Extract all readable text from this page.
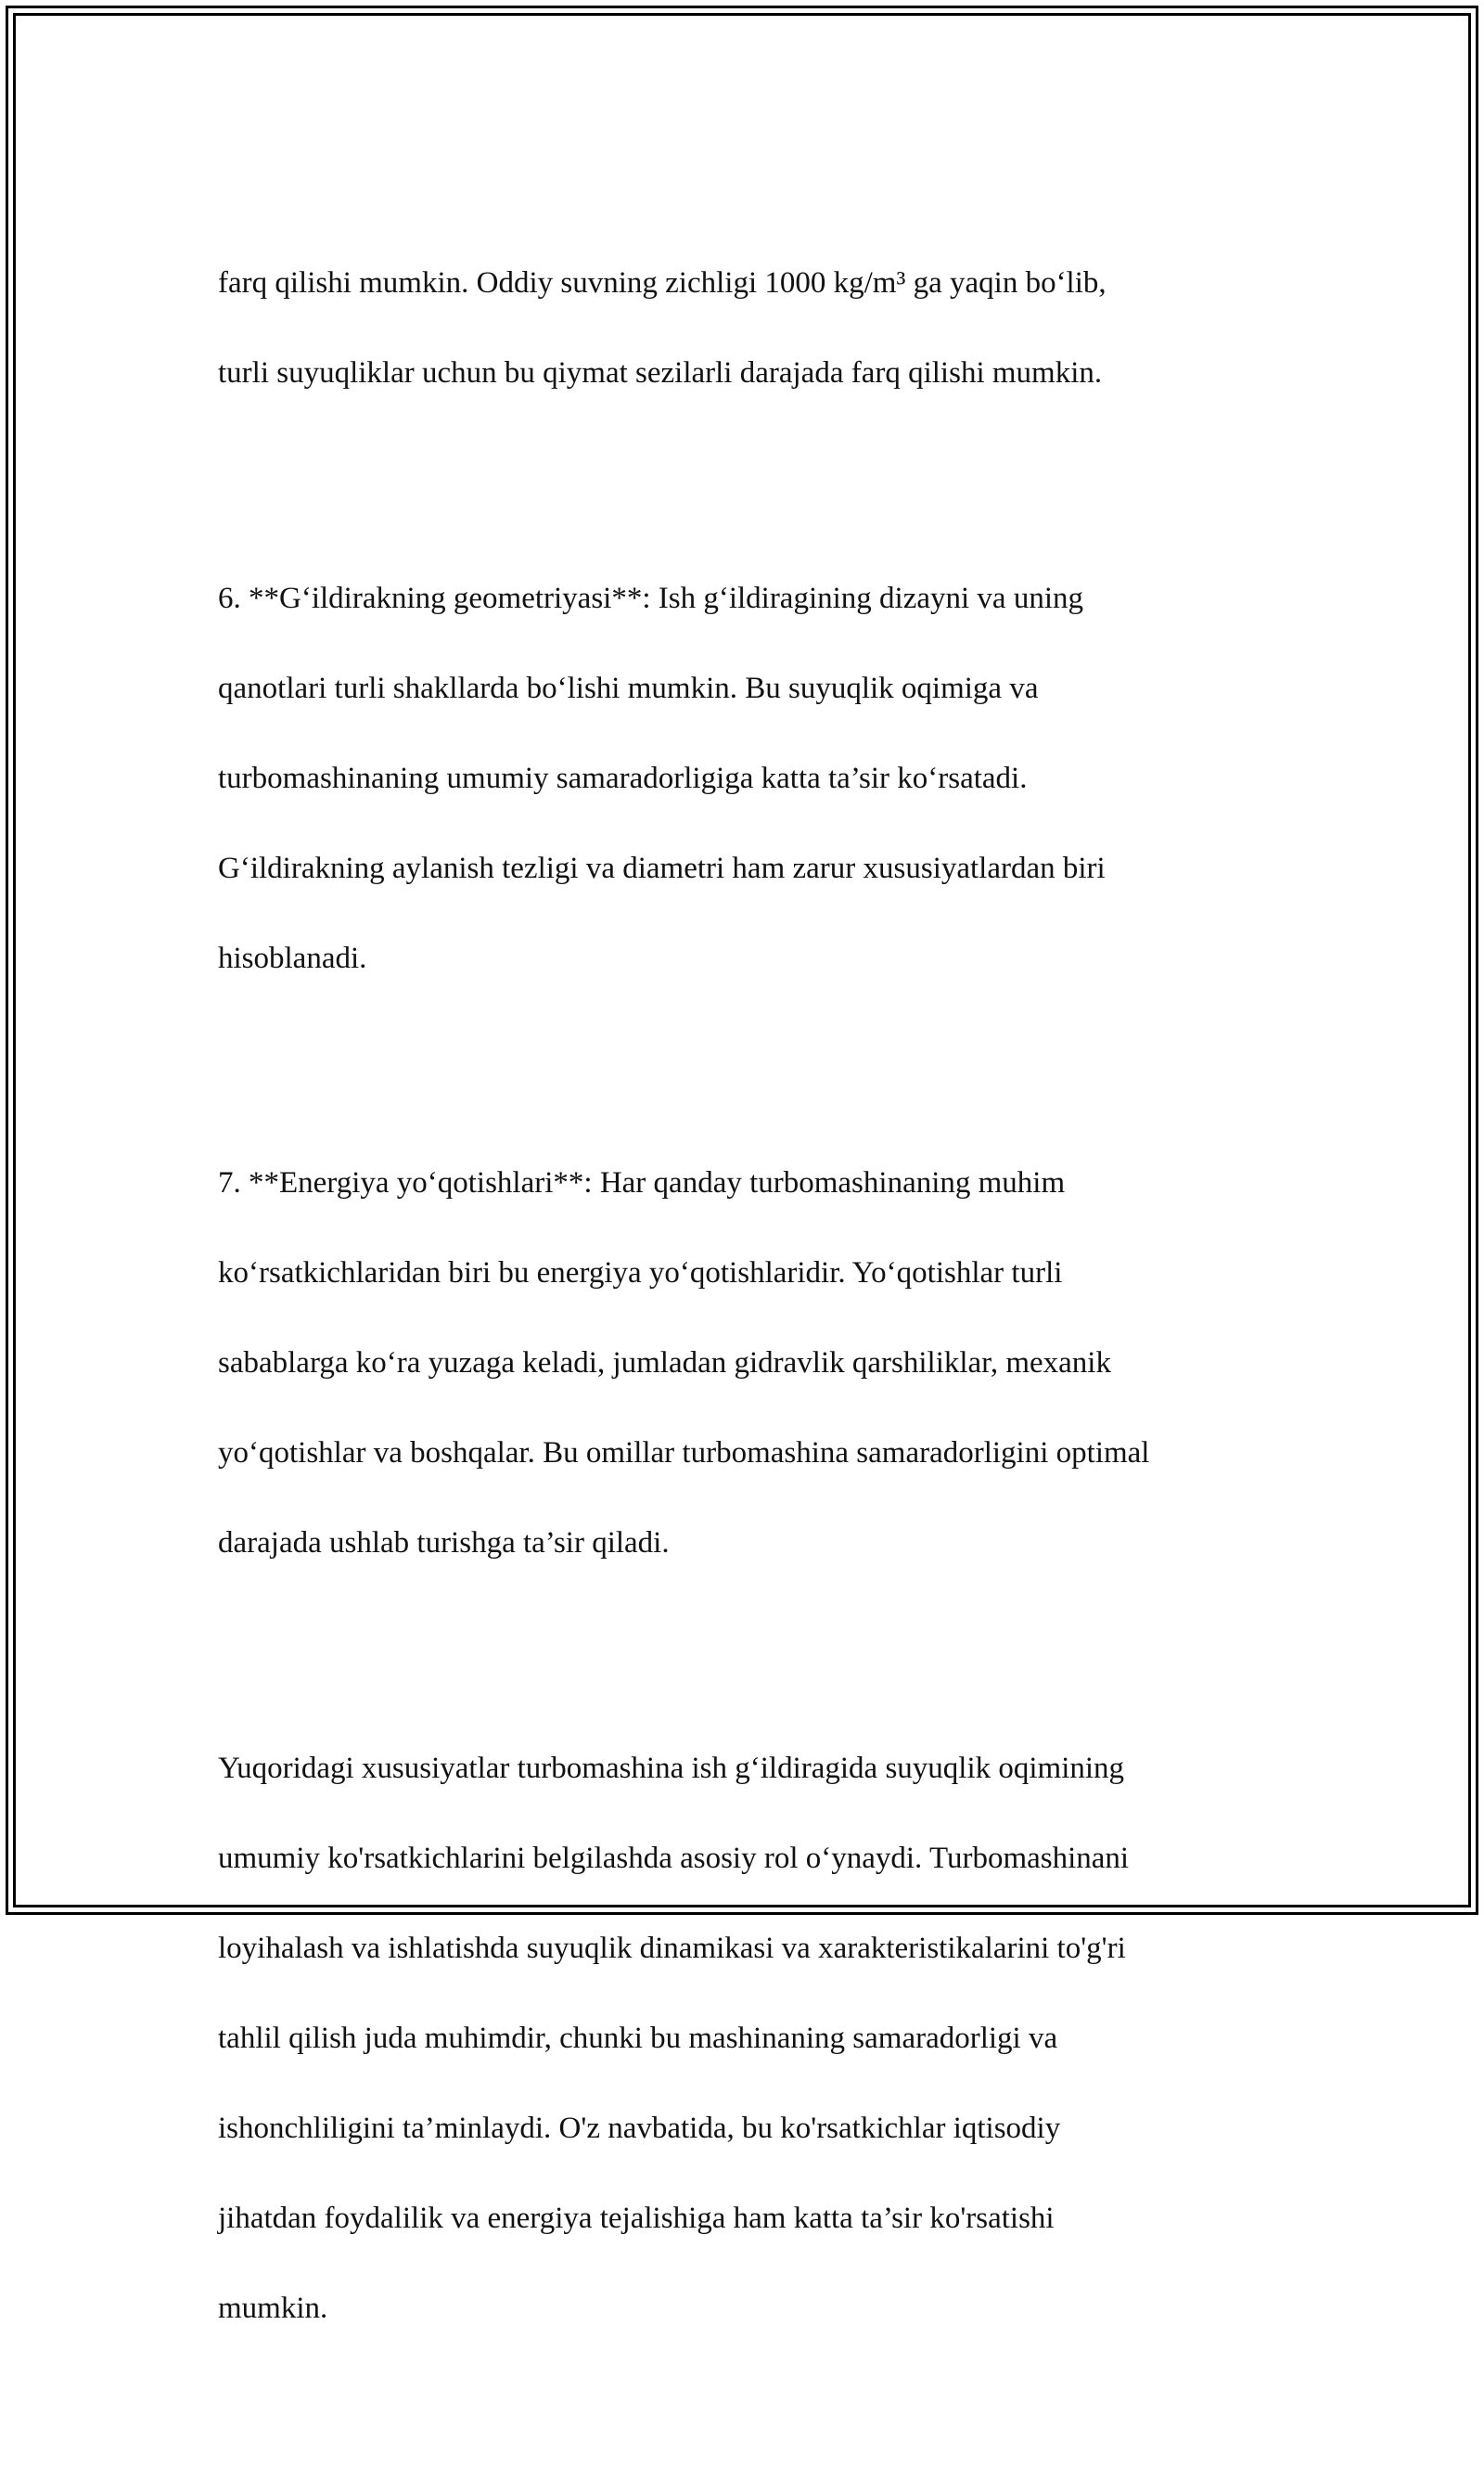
farq qilishi mumkin. Oddiy suvning zichligi 1000 kg/m³ ga yaqin bo‘lib,

turli suyuqliklar uchun bu qiymat sezilarli darajada farq qilishi mumkin.

6. **G‘ildirakning geometriyasi**: Ish g‘ildiragining dizayni va uning

qanotlari turli shakllarda bo‘lishi mumkin. Bu suyuqlik oqimiga va

turbomashinaning umumiy samaradorligiga katta ta’sir ko‘rsatadi.

G‘ildirakning aylanish tezligi va diametri ham zarur xususiyatlardan biri

hisoblanadi.

7. **Energiya yo‘qotishlari**: Har qanday turbomashinaning muhim

ko‘rsatkichlaridan biri bu energiya yo‘qotishlaridir. Yo‘qotishlar turli

sabablarga ko‘ra yuzaga keladi, jumladan gidravlik qarshiliklar, mexanik

yo‘qotishlar va boshqalar. Bu omillar turbomashina samaradorligini optimal

darajada ushlab turishga ta’sir qiladi.

Yuqoridagi xususiyatlar turbomashina ish g‘ildiragida suyuqlik oqimining

umumiy ko'rsatkichlarini belgilashda asosiy rol o‘ynaydi. Turbomashinani

loyihalash va ishlatishda suyuqlik dinamikasi va xarakteristikalarini to'g'ri

tahlil qilish juda muhimdir, chunki bu mashinaning samaradorligi va

ishonchliligini ta’minlaydi. O'z navbatida, bu ko'rsatkichlar iqtisodiy

jihatdan foydalilik va energiya tejalishiga ham katta ta’sir ko'rsatishi

mumkin.
